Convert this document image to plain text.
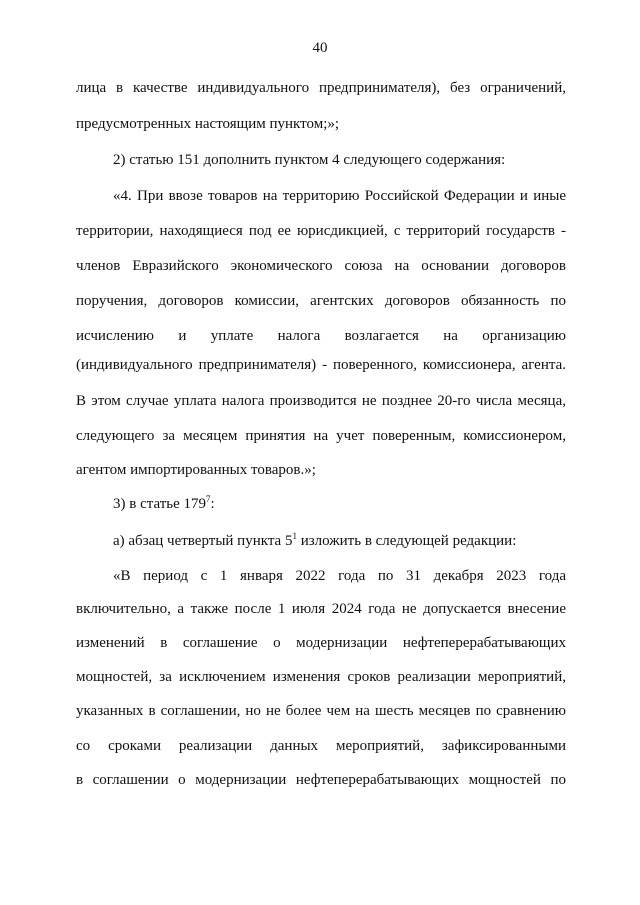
40
лица в качестве индивидуального предпринимателя), без ограничений,
предусмотренных настоящим пунктом;»;
2) статью 151 дополнить пунктом 4 следующего содержания:
«4. При ввозе товаров на территорию Российской Федерации и иные
территории, находящиеся под ее юрисдикцией, с территорий государств -
членов Евразийского экономического союза на основании договоров
поручения, договоров комиссии, агентских договоров обязанность по
исчислению и уплате налога возлагается на организацию
(индивидуального предпринимателя) - поверенного, комиссионера, агента.
В этом случае уплата налога производится не позднее 20-го числа месяца,
следующего за месяцем принятия на учет поверенным, комиссионером,
агентом импортированных товаров.»;
3) в статье $179^7$:
а) абзац четвертый пункта $5^1$ изложить в следующей редакции:
«В период с 1 января 2022 года по 31 декабря 2023 года
включительно, а также после 1 июля 2024 года не допускается внесение
изменений в соглашение о модернизации нефтеперерабатывающих
мощностей, за исключением изменения сроков реализации мероприятий,
указанных в соглашении, но не более чем на шесть месяцев по сравнению
со сроками реализации данных мероприятий, зафиксированными
в соглашении о модернизации нефтеперерабатывающих мощностей по
